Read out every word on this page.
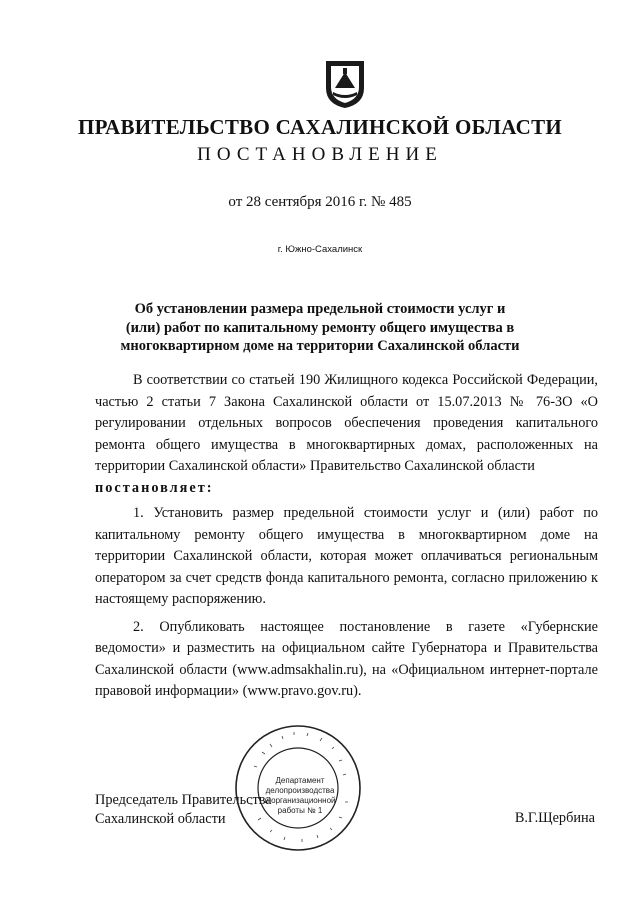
ПРАВИТЕЛЬСТВО САХАЛИНСКОЙ ОБЛАСТИ
ПОСТАНОВЛЕНИЕ
от 28 сентября 2016 г. № 485
г. Южно-Сахалинск
Об установлении размера предельной стоимости услуг и
(или) работ по капитальному ремонту общего имущества в
многоквартирном доме на территории Сахалинской области

В соответствии со статьей 190 Жилищного кодекса Российской Федерации, частью 2 статьи 7 Закона Сахалинской области от 15.07.2013 № 76-ЗО «О регулировании отдельных вопросов обеспечения проведения капитального ремонта общего имущества в многоквартирных домах, расположенных на территории Сахалинской области» Правительство Сахалинской области

постановляет:

1. Установить размер предельной стоимости услуг и (или) работ по капитальному ремонту общего имущества в многоквартирном доме на территории Сахалинской области, которая может оплачиваться региональным оператором за счет средств фонда капитального ремонта, согласно приложению к настоящему распоряжению.

2. Опубликовать настоящее постановление в газете «Губернские ведомости» и разместить на официальном сайте Губернатора и Правительства Сахалинской области (www.admsakhalin.ru), на «Официальном интернет-портале правовой информации» (www.pravo.gov.ru).

Председатель Правительства
Сахалинской области	В.Г.Щербина
Департамент
делопроизводства
и организационной
работы № 1
